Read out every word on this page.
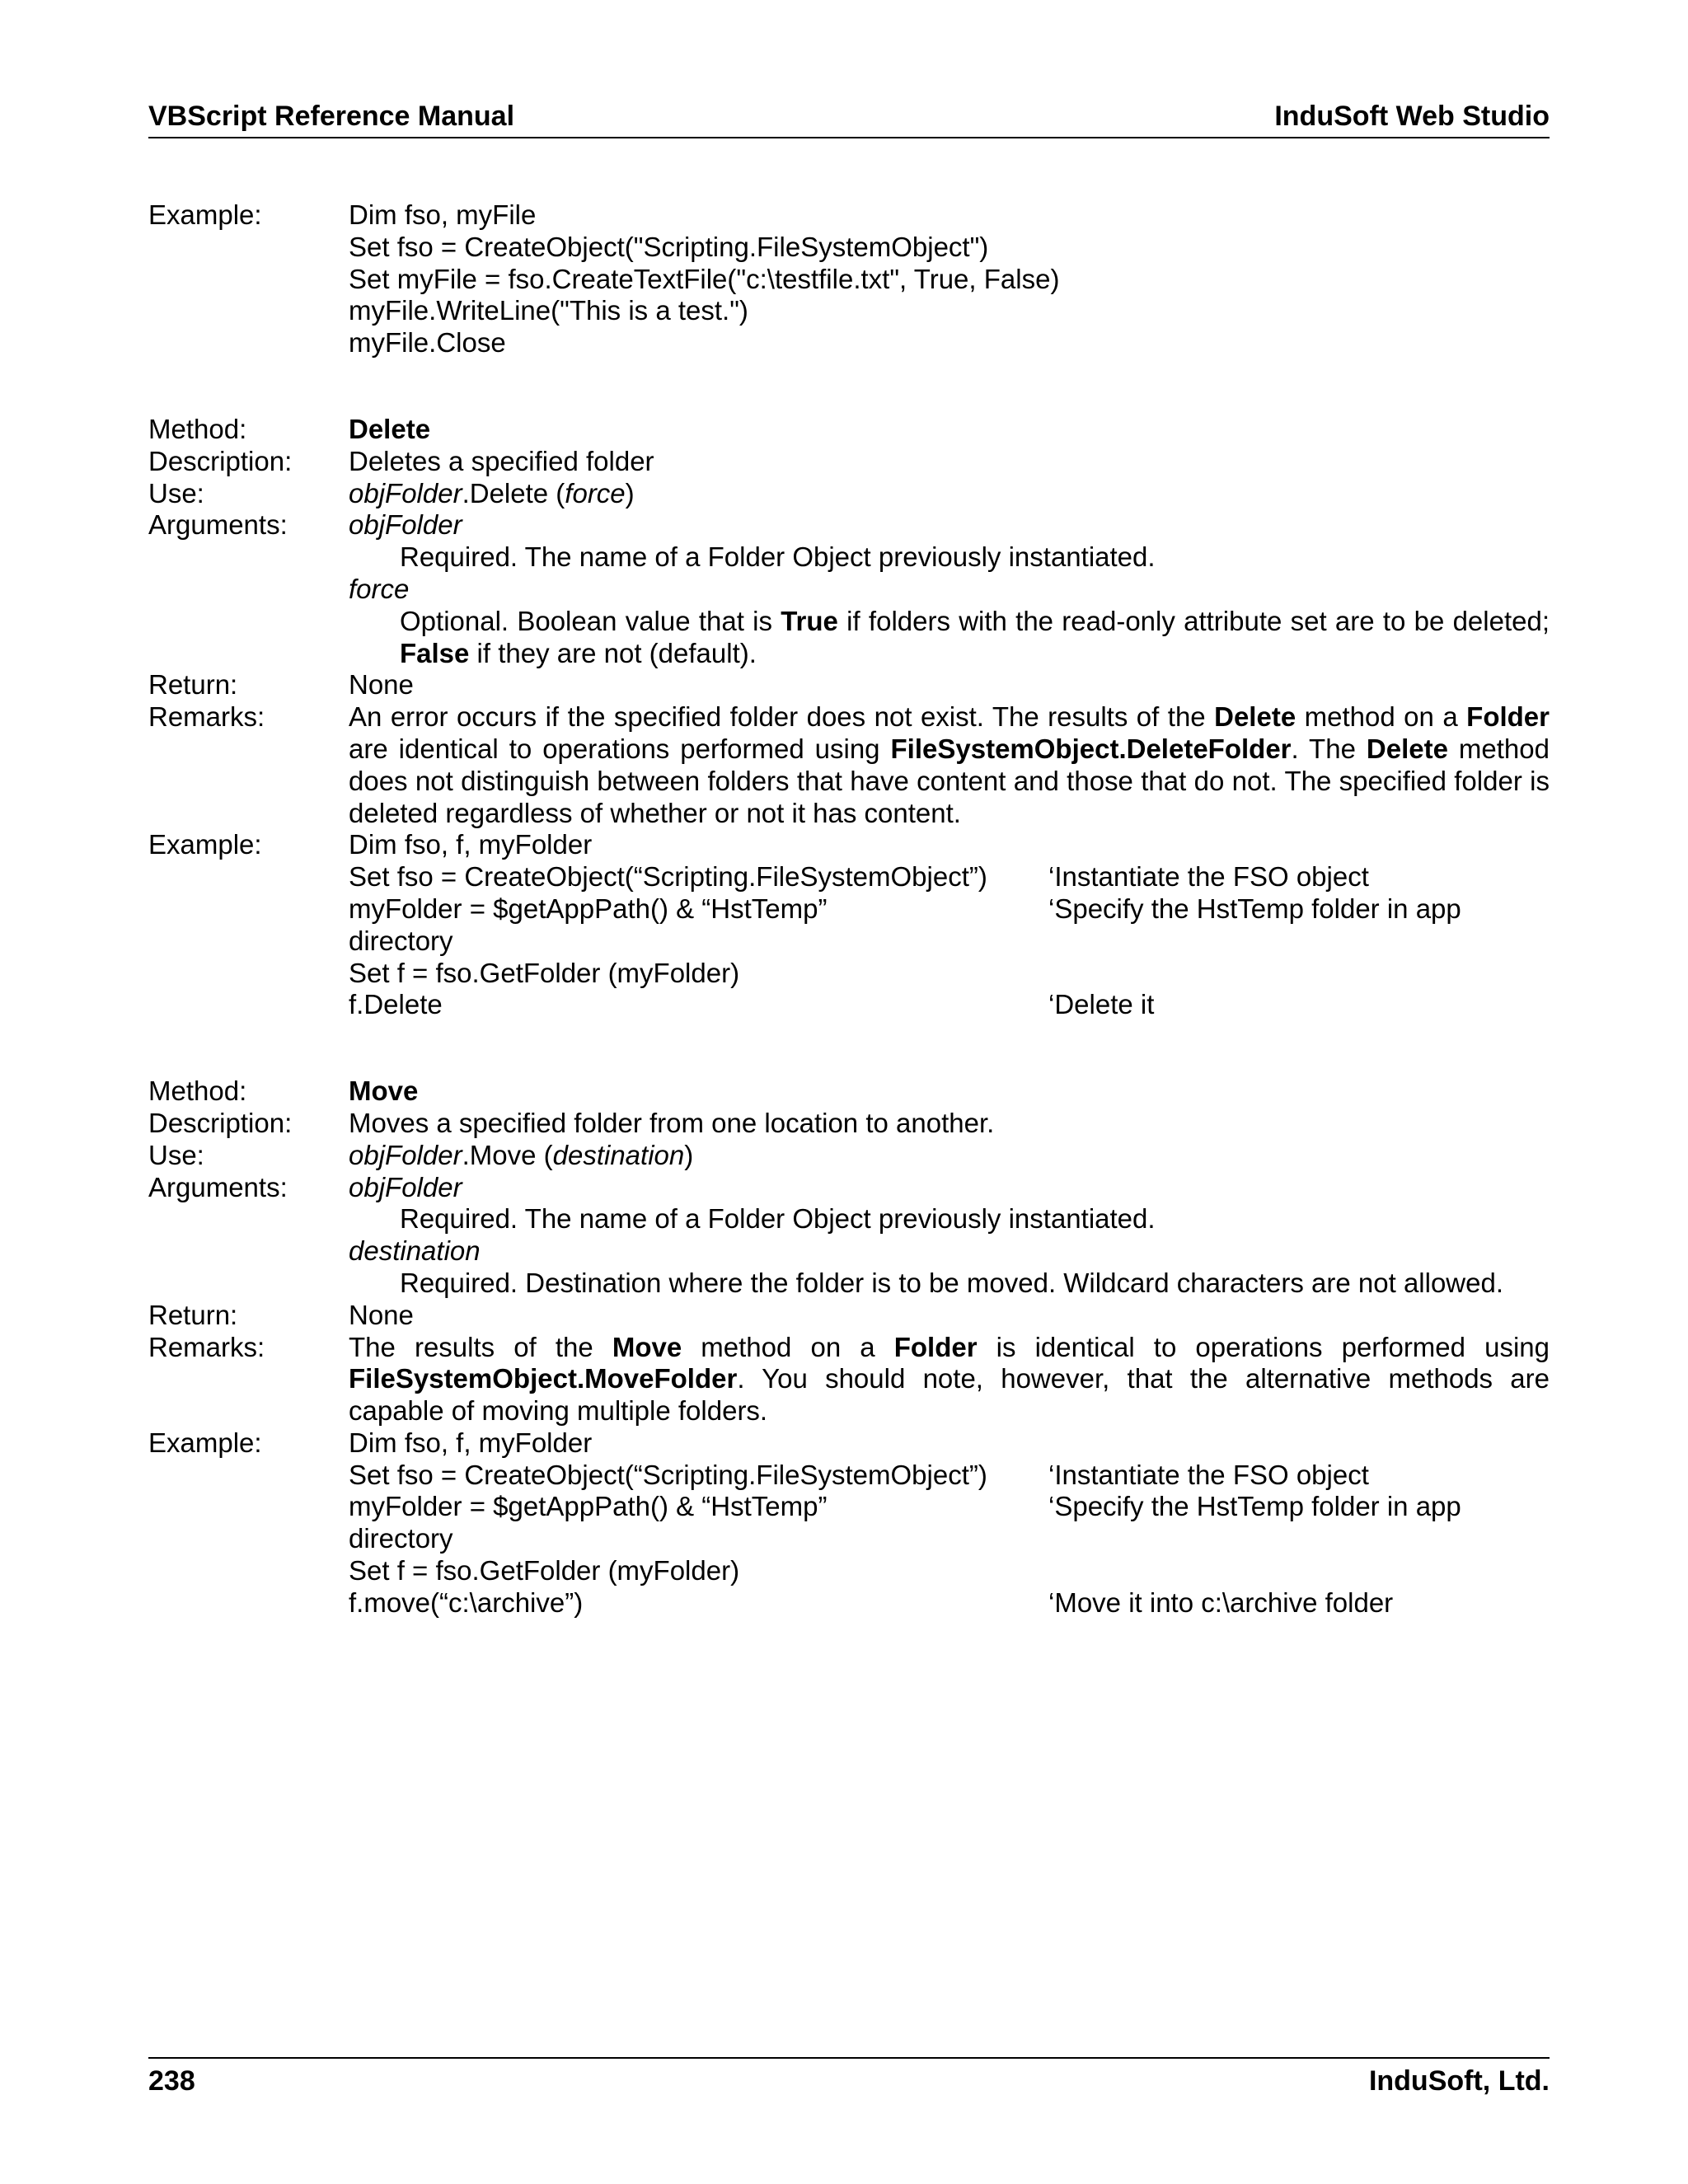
VBScript Reference Manual	InduSoft Web Studio
Example:	Dim fso, myFile
Set fso = CreateObject("Scripting.FileSystemObject")
Set myFile = fso.CreateTextFile("c:\testfile.txt", True, False)
myFile.WriteLine("This is a test.")
myFile.Close
Method:	Delete
Description:	Deletes a specified folder
Use:	objFolder.Delete (force)
Arguments:	objFolder
Required. The name of a Folder Object previously instantiated.
force
Optional. Boolean value that is True if folders with the read-only attribute set are to be deleted; False if they are not (default).
Return:	None
Remarks:	An error occurs if the specified folder does not exist. The results of the Delete method on a Folder are identical to operations performed using FileSystemObject.DeleteFolder. The Delete method does not distinguish between folders that have content and those that do not. The specified folder is deleted regardless of whether or not it has content.
Example:	Dim fso, f, myFolder
Set fso = CreateObject(“Scripting.FileSystemObject”)	‘Instantiate the FSO object
myFolder = $getAppPath() & “HstTemp”	‘Specify the HstTemp folder in app
directory
Set f = fso.GetFolder (myFolder)
f.Delete	‘Delete it
Method:	Move
Description:	Moves a specified folder from one location to another.
Use:	objFolder.Move (destination)
Arguments:	objFolder
Required. The name of a Folder Object previously instantiated.
destination
Required. Destination where the folder is to be moved. Wildcard characters are not allowed.
Return:	None
Remarks:	The results of the Move method on a Folder is identical to operations performed using FileSystemObject.MoveFolder. You should note, however, that the alternative methods are capable of moving multiple folders.
Example:	Dim fso, f, myFolder
Set fso = CreateObject(“Scripting.FileSystemObject”)	‘Instantiate the FSO object
myFolder = $getAppPath() & “HstTemp”	‘Specify the HstTemp folder in app
directory
Set f = fso.GetFolder (myFolder)
f.move(“c:\archive”)	‘Move it into c:\archive folder
238	InduSoft, Ltd.
